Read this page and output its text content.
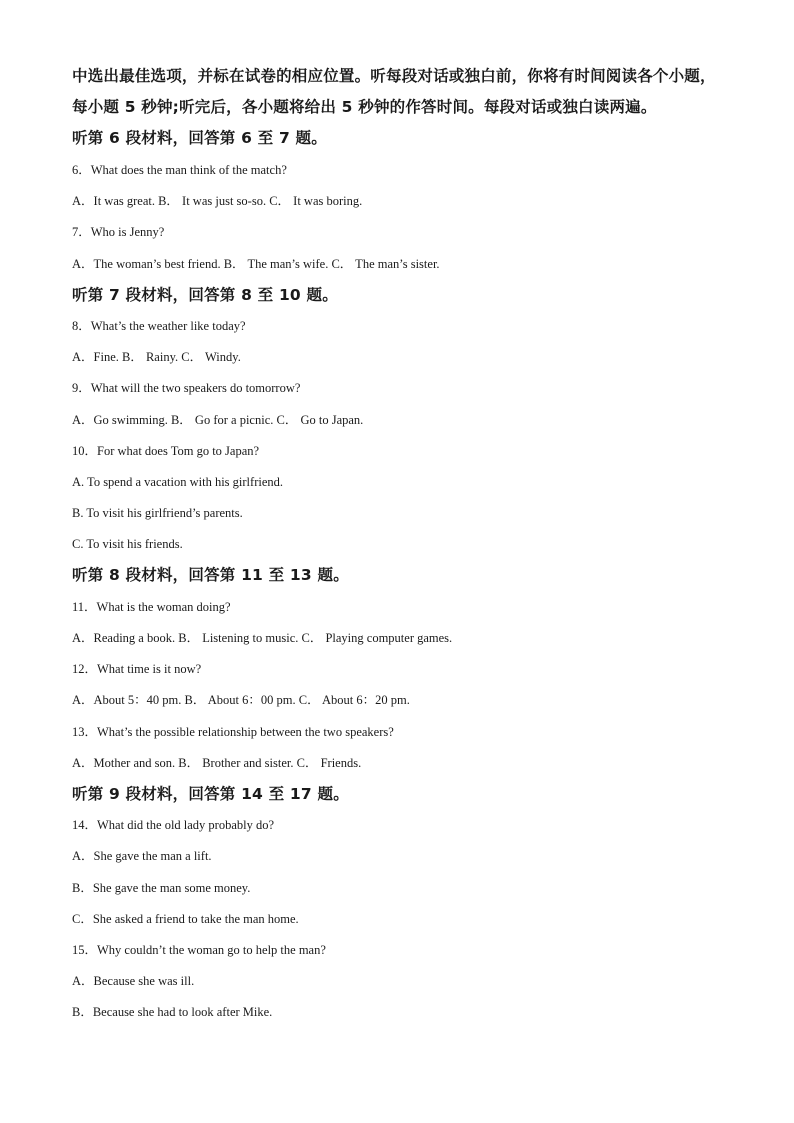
中选出最佳选项，并标在试卷的相应位置。听每段对话或独白前，你将有时间阅读各个小题，
每小题 5 秒钟;听完后，各小题将给出 5 秒钟的作答时间。每段对话或独白读两遍。
听第 6 段材料，回答第 6 至 7 题。
6．What does the man think of the match?
A．It was great. B． It was just so-so. C． It was boring.
7．Who is Jenny?
A．The woman’s best friend. B． The man’s wife. C． The man’s sister.
听第 7 段材料，回答第 8 至 10 题。
8．What’s the weather like today?
A．Fine. B． Rainy. C． Windy.
9．What will the two speakers do tomorrow?
A．Go swimming. B． Go for a picnic. C． Go to Japan.
10．For what does Tom go to Japan?
A. To spend a vacation with his girlfriend.
B. To visit his girlfriend’s parents.
C. To visit his friends.
听第 8 段材料，回答第 11 至 13 题。
11．What is the woman doing?
A．Reading a book. B． Listening to music. C． Playing computer games.
12．What time is it now?
A．About 5：40 pm. B． About 6：00 pm. C． About 6：20 pm.
13．What’s the possible relationship between the two speakers?
A．Mother and son. B． Brother and sister. C． Friends.
听第 9 段材料，回答第 14 至 17 题。
14．What did the old lady probably do?
A．She gave the man a lift.
B．She gave the man some money.
C．She asked a friend to take the man home.
15．Why couldn’t the woman go to help the man?
A．Because she was ill.
B．Because she had to look after Mike.
